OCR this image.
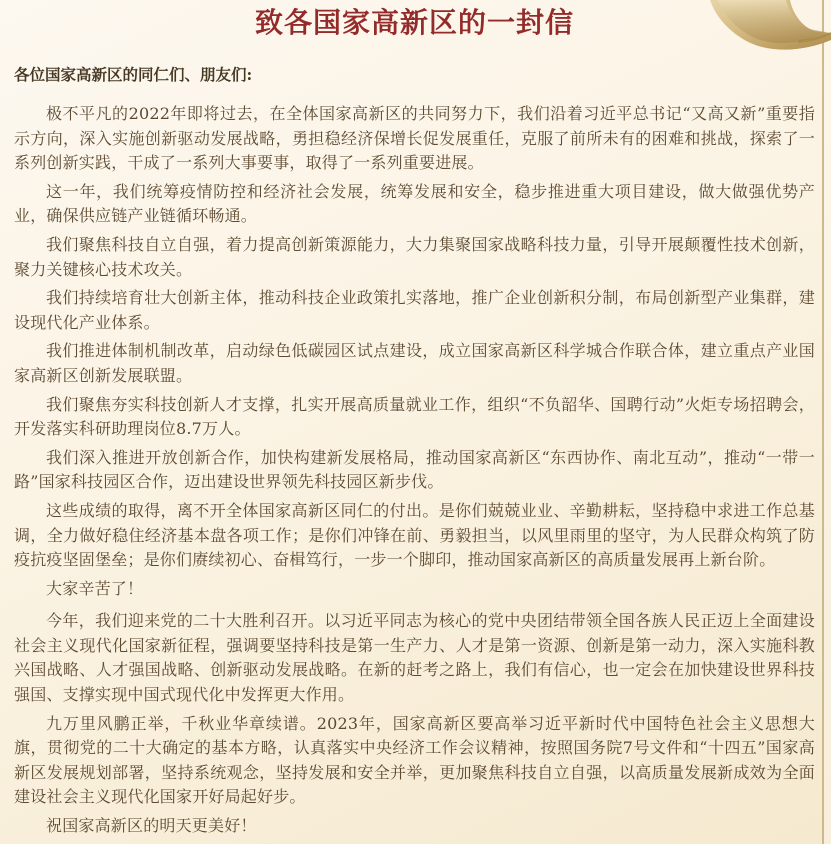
致各国家高新区的一封信

各位国家高新区的同仁们、朋友们:

极不平凡的2022年即将过去，在全体国家高新区的共同努力下，我们沿着习近平总书记“又高又新”重要指示方向，深入实施创新驱动发展战略，勇担稳经济保增长促发展重任，克服了前所未有的困难和挑战，探索了一系列创新实践，干成了一系列大事要事，取得了一系列重要进展。

这一年，我们统筹疫情防控和经济社会发展，统筹发展和安全，稳步推进重大项目建设，做大做强优势产业，确保供应链产业链循环畅通。

我们聚焦科技自立自强，着力提高创新策源能力，大力集聚国家战略科技力量，引导开展颠覆性技术创新，聚力关键核心技术攻关。

我们持续培育壮大创新主体，推动科技企业政策扎实落地，推广企业创新积分制，布局创新型产业集群，建设现代化产业体系。

我们推进体制机制改革，启动绿色低碳园区试点建设，成立国家高新区科学城合作联合体，建立重点产业国家高新区创新发展联盟。

我们聚焦夯实科技创新人才支撑，扎实开展高质量就业工作，组织“不负韶华、国聘行动”火炬专场招聘会，开发落实科研助理岗位8.7万人。

我们深入推进开放创新合作，加快构建新发展格局，推动国家高新区“东西协作、南北互动”，推动“一带一路”国家科技园区合作，迈出建设世界领先科技园区新步伐。

这些成绩的取得，离不开全体国家高新区同仁的付出。是你们兢兢业业、辛勤耕耘，坚持稳中求进工作总基调，全力做好稳住经济基本盘各项工作；是你们冲锋在前、勇毅担当，以风里雨里的坚守，为人民群众构筑了防疫抗疫坚固堡垒；是你们赓续初心、奋楫笃行，一步一个脚印，推动国家高新区的高质量发展再上新台阶。

大家辛苦了！

今年，我们迎来党的二十大胜利召开。以习近平同志为核心的党中央团结带领全国各族人民正迈上全面建设社会主义现代化国家新征程，强调要坚持科技是第一生产力、人才是第一资源、创新是第一动力，深入实施科教兴国战略、人才强国战略、创新驱动发展战略。在新的赶考之路上，我们有信心，也一定会在加快建设世界科技强国、支撑实现中国式现代化中发挥更大作用。

九万里风鹏正举，千秋业华章续谱。2023年，国家高新区要高举习近平新时代中国特色社会主义思想大旗，贯彻党的二十大确定的基本方略，认真落实中央经济工作会议精神，按照国务院7号文件和“十四五”国家高新区发展规划部署，坚持系统观念，坚持发展和安全并举，更加聚焦科技自立自强，以高质量发展新成效为全面建设社会主义现代化国家开好局起好步。

祝国家高新区的明天更美好！
